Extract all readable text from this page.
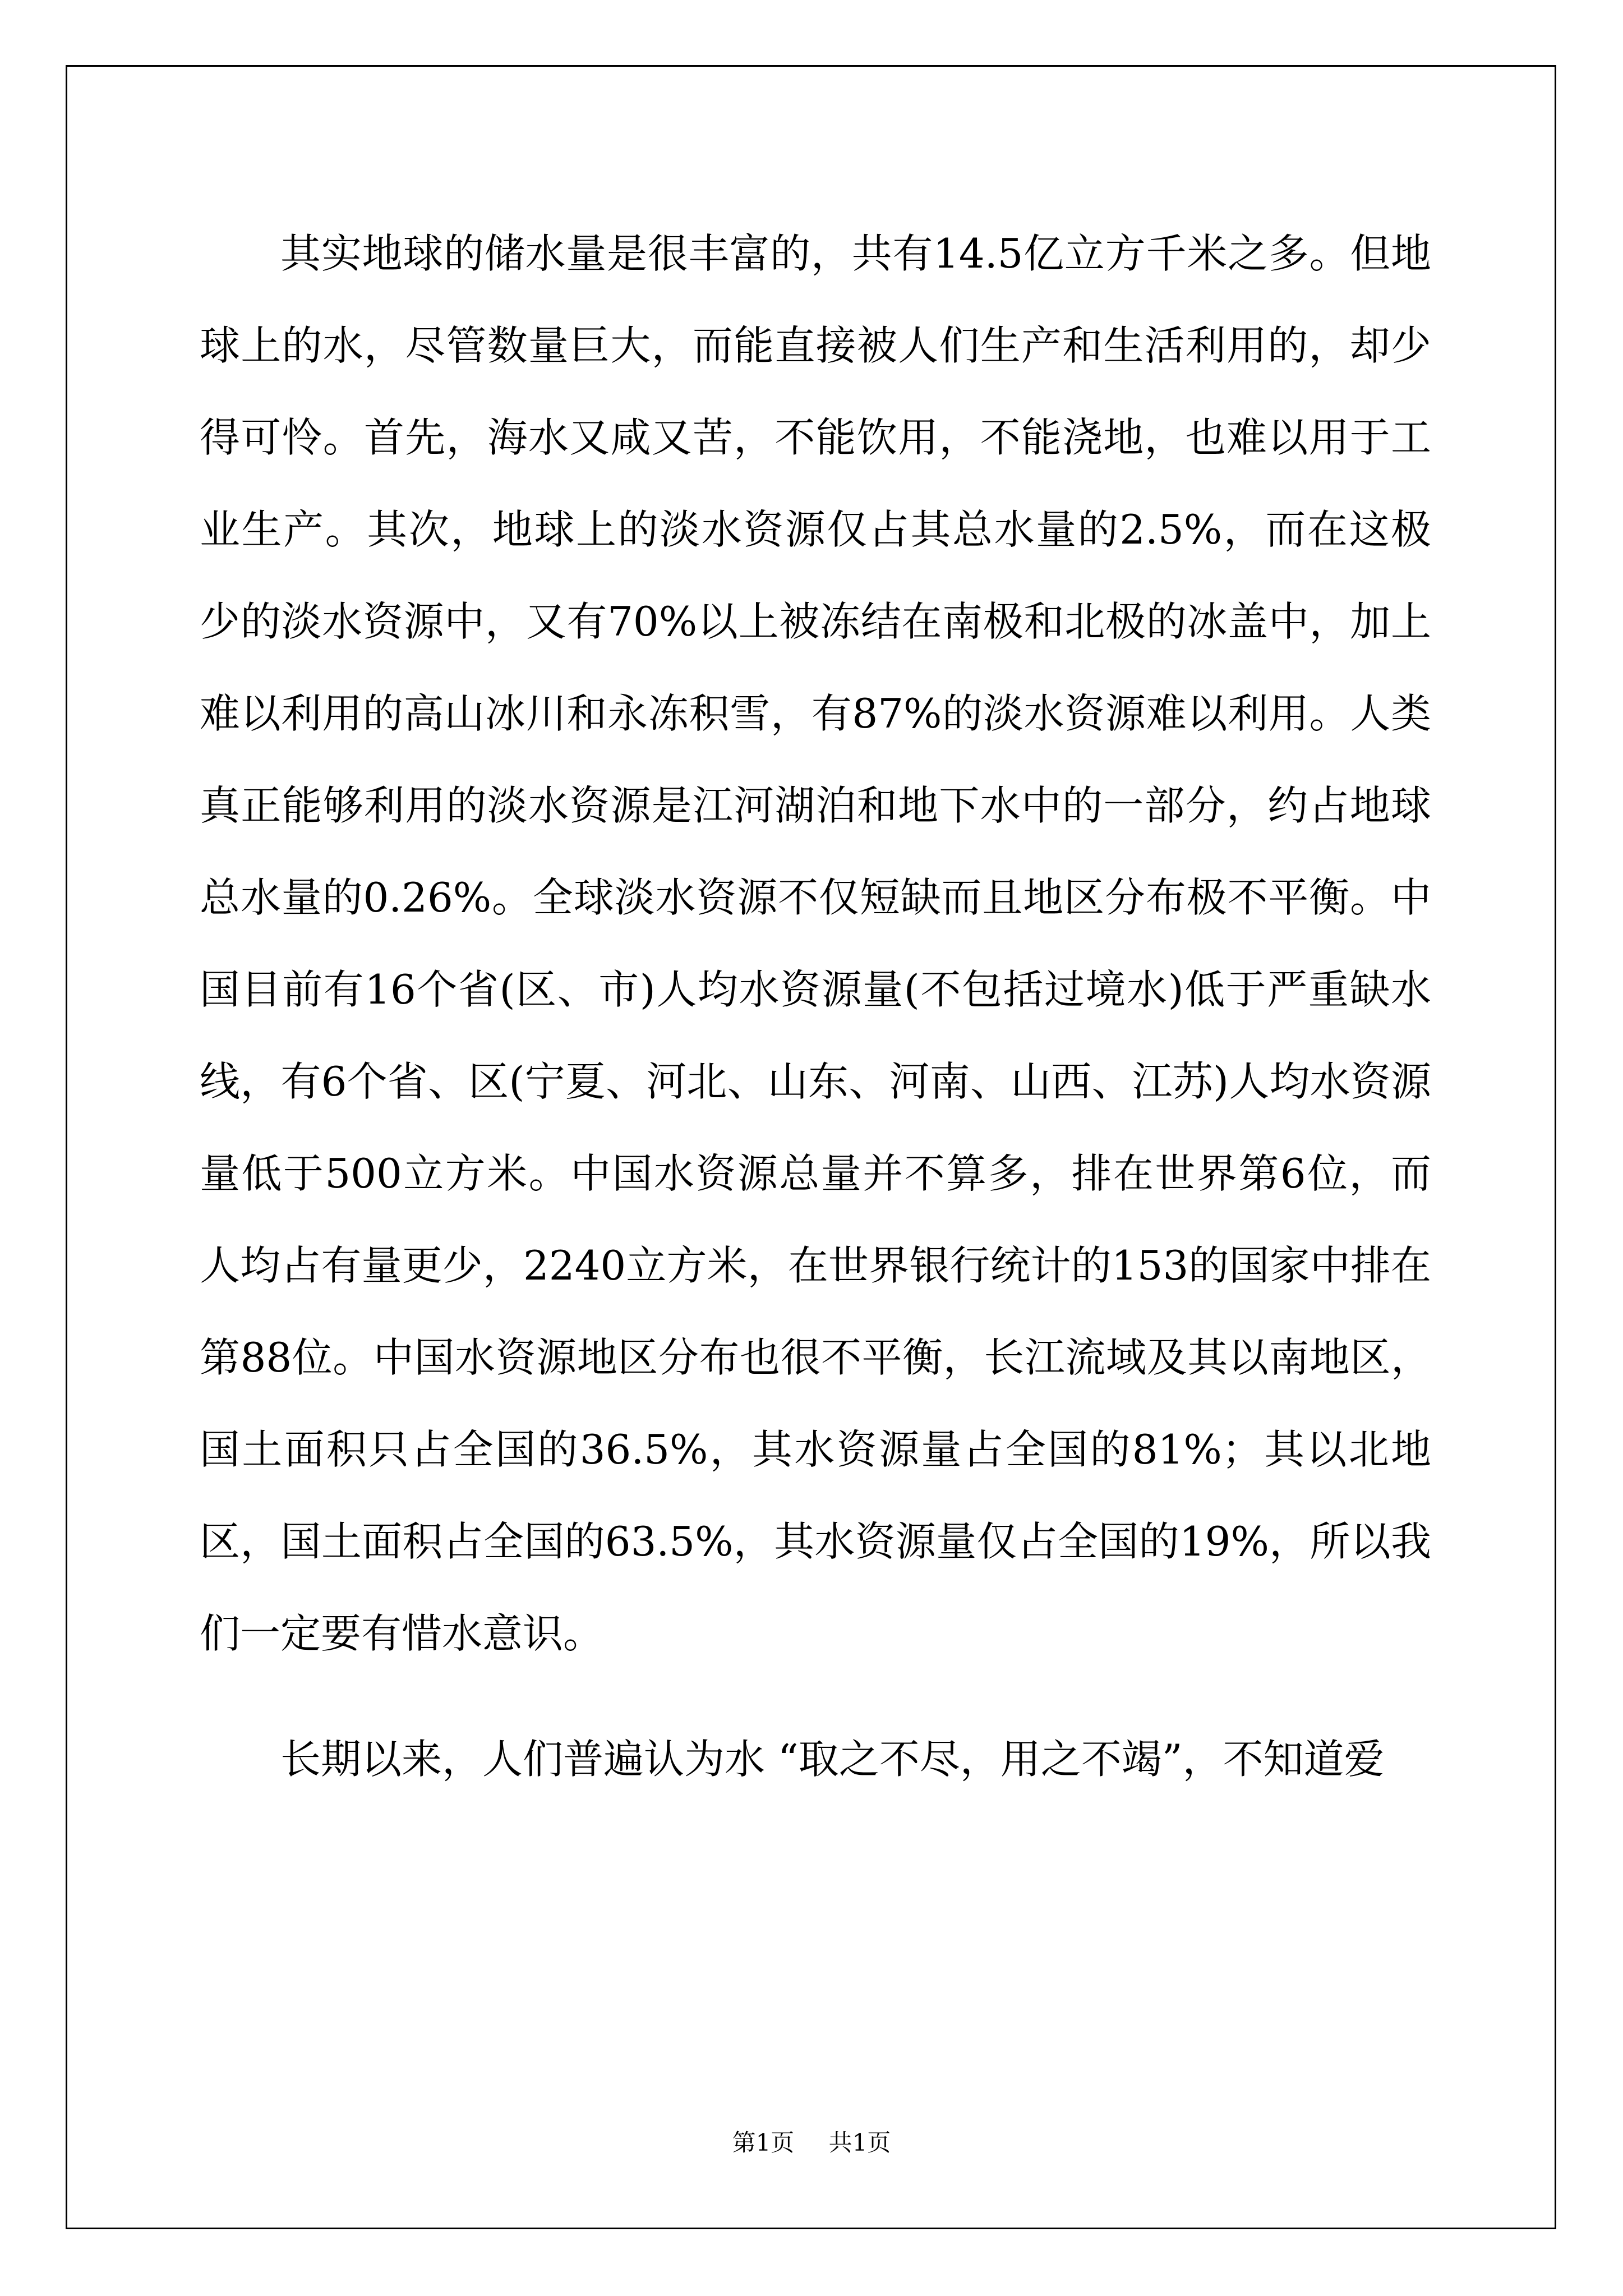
其实地球的储水量是很丰富的，共有14.5亿立方千米之多。但地球上的水，尽管数量巨大，而能直接被人们生产和生活利用的，却少得可怜。首先，海水又咸又苦，不能饮用，不能浇地，也难以用于工业生产。其次，地球上的淡水资源仅占其总水量的2.5%，而在这极少的淡水资源中，又有70%以上被冻结在南极和北极的冰盖中，加上难以利用的高山冰川和永冻积雪，有87%的淡水资源难以利用。人类真正能够利用的淡水资源是江河湖泊和地下水中的一部分，约占地球总水量的0.26%。全球淡水资源不仅短缺而且地区分布极不平衡。中国目前有16个省(区、市)人均水资源量(不包括过境水)低于严重缺水线，有6个省、区(宁夏、河北、山东、河南、山西、江苏)人均水资源量低于500立方米。中国水资源总量并不算多，排在世界第6位，而人均占有量更少，2240立方米，在世界银行统计的153的国家中排在第88位。中国水资源地区分布也很不平衡，长江流域及其以南地区，国土面积只占全国的36.5%，其水资源量占全国的81%；其以北地区，国土面积占全国的63.5%，其水资源量仅占全国的19%，所以我们一定要有惜水意识。

长期以来，人们普遍认为水 “取之不尽，用之不竭”，不知道爱

第1页 共1页
